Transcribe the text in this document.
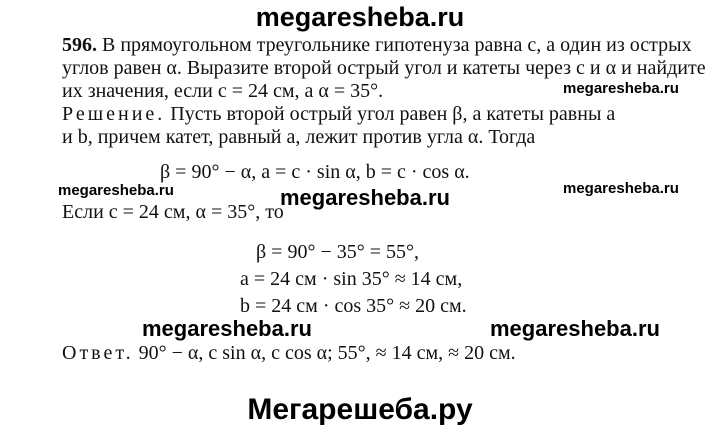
megaresheba.ru
596. В прямоугольном треугольнике гипотенуза равна c, а один из острых
углов равен α. Выразите второй острый угол и катеты через c и α и найдите
их значения, если c = 24 см, а α = 35°.	megaresheba.ru
Решение. Пусть второй острый угол равен β, а катеты равны a
и b, причем катет, равный a, лежит против угла α. Тогда
β = 90° − α, a = c · sin α, b = c · cos α.
megaresheba.ru	megaresheba.ru	megaresheba.ru
Если c = 24 см, α = 35°, то
β = 90° − 35° = 55°,
a = 24 см · sin 35° ≈ 14 см,
b = 24 см · cos 35° ≈ 20 см.
megaresheba.ru	megaresheba.ru
Ответ. 90° − α, c sin α, c cos α; 55°, ≈ 14 см, ≈ 20 см.
Мегарешеба.ру
